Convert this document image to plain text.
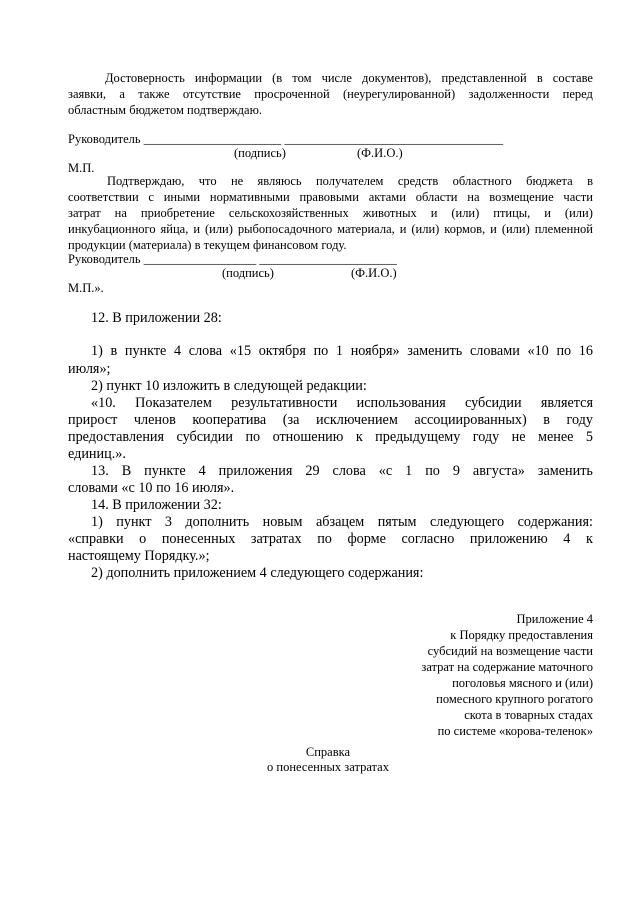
Достоверность информации (в том числе документов), представленной в составе
заявки, а также отсутствие просроченной (неурегулированной) задолженности перед
областным бюджетом подтверждаю.
Руководитель ______________________ ___________________________________
(подпись)	(Ф.И.О.)
М.П.
Подтверждаю, что не являюсь получателем средств областного бюджета в
соответствии с иными нормативными правовыми актами области на возмещение части
затрат на приобретение сельскохозяйственных животных и (или) птицы, и (или)
инкубационного яйца, и (или) рыбопосадочного материала, и (или) кормов, и (или) племенной
продукции (материала) в текущем финансовом году.
Руководитель __________________ ______________________
(подпись)	(Ф.И.О.)
М.П.».
12. В приложении 28:
1) в пункте 4 слова «15 октября по 1 ноября» заменить словами «10 по 16
июля»;
2) пункт 10 изложить в следующей редакции:
«10. Показателем результативности использования субсидии является
прирост членов кооператива (за исключением ассоциированных) в году
предоставления субсидии по отношению к предыдущему году не менее 5
единиц.».
13. В пункте 4 приложения 29 слова «с 1 по 9 августа» заменить
словами «с 10 по 16 июля».
14. В приложении 32:
1) пункт 3 дополнить новым абзацем пятым следующего содержания:
«справки о понесенных затратах по форме согласно приложению 4 к
настоящему Порядку.»;
2) дополнить приложением 4 следующего содержания:
Приложение 4
к Порядку предоставления
субсидий на возмещение части
затрат на содержание маточного
поголовья мясного и (или)
помесного крупного рогатого
скота в товарных стадах
по системе «корова-теленок»
Справка
о понесенных затратах
